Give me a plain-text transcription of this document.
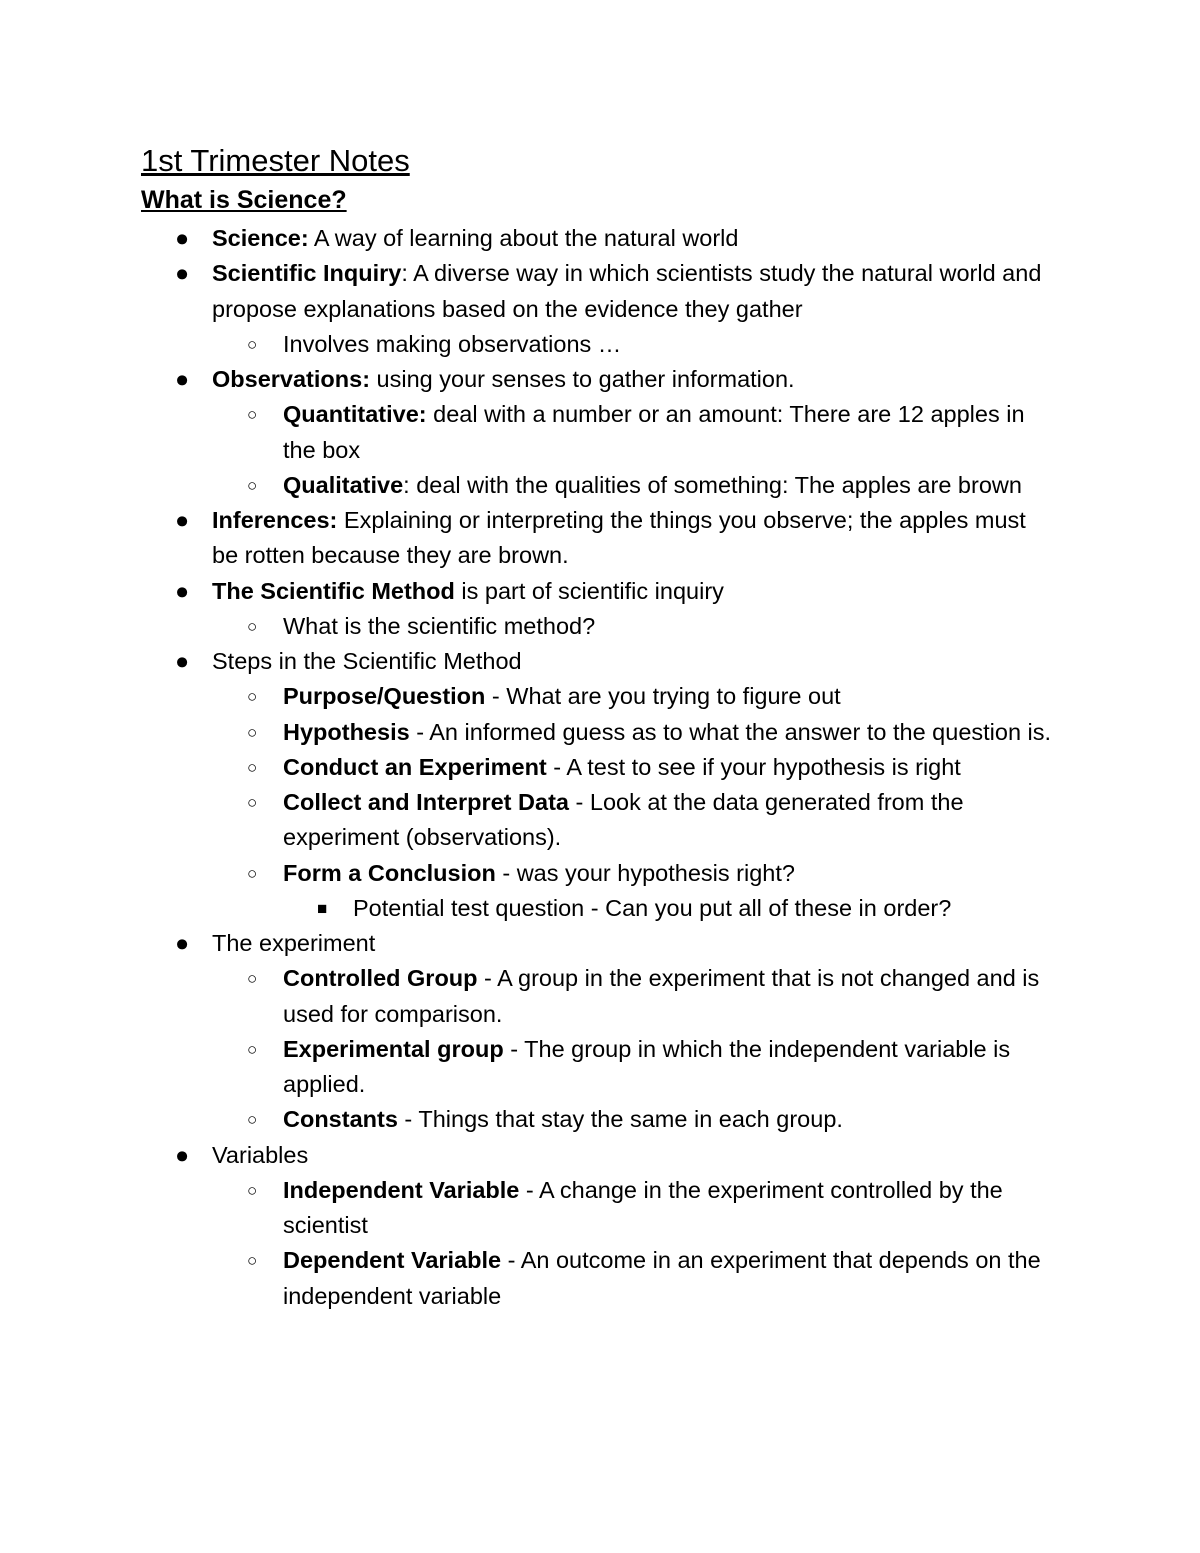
1st Trimester Notes
What is Science?
● Science: A way of learning about the natural world
● Scientific Inquiry: A diverse way in which scientists study the natural world and propose explanations based on the evidence they gather
○ Involves making observations …
● Observations: using your senses to gather information.
○ Quantitative: deal with a number or an amount: There are 12 apples in the box
○ Qualitative: deal with the qualities of something: The apples are brown
● Inferences: Explaining or interpreting the things you observe; the apples must be rotten because they are brown.
● The Scientific Method is part of scientific inquiry
○ What is the scientific method?
● Steps in the Scientific Method
○ Purpose/Question - What are you trying to figure out
○ Hypothesis - An informed guess as to what the answer to the question is.
○ Conduct an Experiment - A test to see if your hypothesis is right
○ Collect and Interpret Data - Look at the data generated from the experiment (observations).
○ Form a Conclusion - was your hypothesis right?
■ Potential test question - Can you put all of these in order?
● The experiment
○ Controlled Group - A group in the experiment that is not changed and is used for comparison.
○ Experimental group - The group in which the independent variable is applied.
○ Constants - Things that stay the same in each group.
● Variables
○ Independent Variable - A change in the experiment controlled by the scientist
○ Dependent Variable - An outcome in an experiment that depends on the independent variable
